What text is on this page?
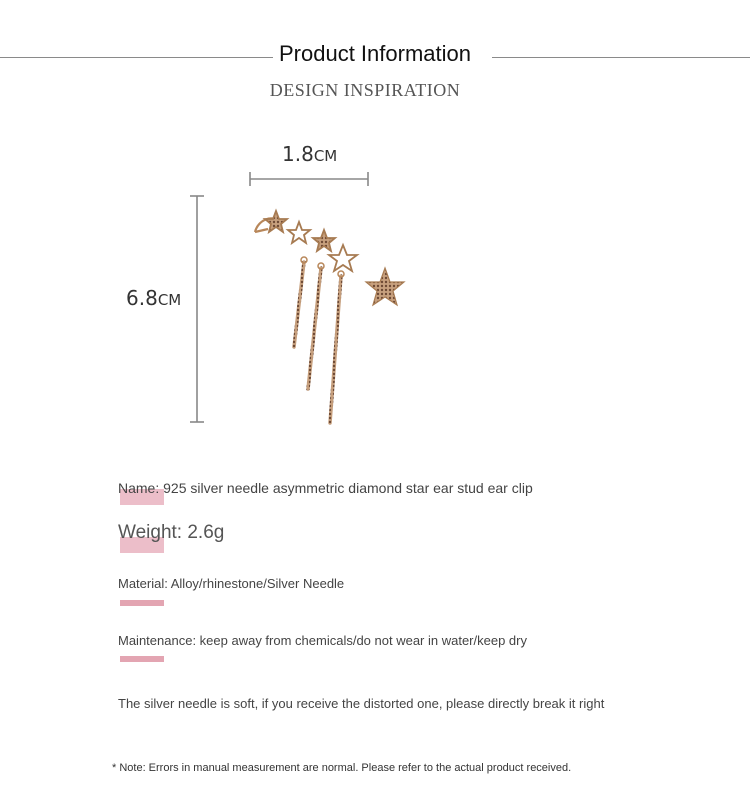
Product Information
DESIGN INSPIRATION
1.8CM
6.8CM
Name: 925 silver needle asymmetric diamond star ear stud ear clip
Weight: 2.6g
Material: Alloy/rhinestone/Silver Needle
Maintenance: keep away from chemicals/do not wear in water/keep dry
The silver needle is soft, if you receive the distorted one, please directly break it right
* Note: Errors in manual measurement are normal. Please refer to the actual product received.
